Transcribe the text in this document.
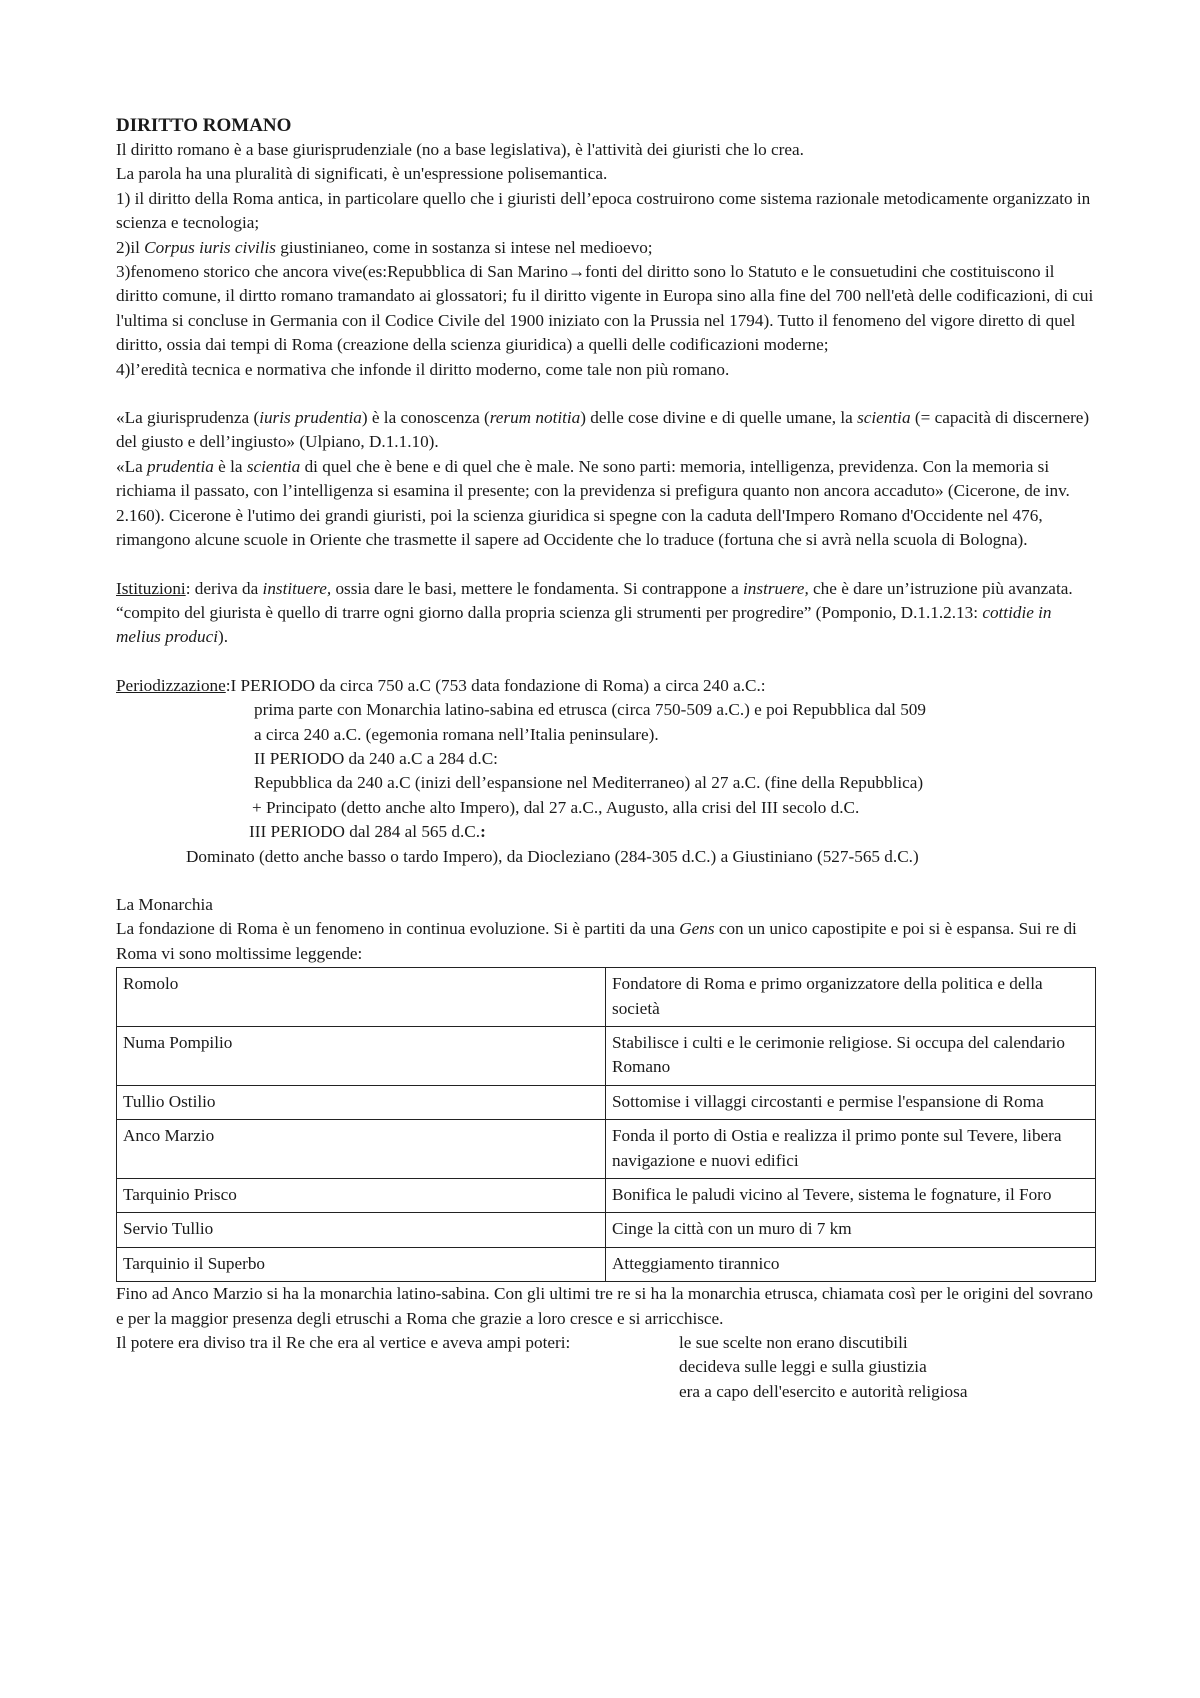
DIRITTO ROMANO

Il diritto romano è a base giurisprudenziale (no a base legislativa), è l'attività dei giuristi che lo crea.

La parola ha una pluralità di significati, è un'espressione polisemantica.

1) il diritto della Roma antica, in particolare quello che i giuristi dell’epoca costruirono come sistema razionale metodicamente organizzato in scienza e tecnologia;

2)il Corpus iuris civilis giustinianeo, come in sostanza si intese nel medioevo;

3)fenomeno storico che ancora vive(es:Repubblica di San Marino→fonti del diritto sono lo Statuto e le consuetudini che costituiscono il diritto comune, il dirtto romano tramandato ai glossatori; fu il diritto vigente in Europa sino alla fine del 700 nell'età delle codificazioni, di cui l'ultima si concluse in Germania con il Codice Civile del 1900 iniziato con la Prussia nel 1794). Tutto il fenomeno del vigore diretto di quel diritto, ossia dai tempi di Roma (creazione della scienza giuridica) a quelli delle codificazioni moderne;

4)l’eredità tecnica e normativa che infonde il diritto moderno, come tale non più romano.

«La giurisprudenza (iuris prudentia) è la conoscenza (rerum notitia) delle cose divine e di quelle umane, la scientia (= capacità di discernere) del giusto e dell’ingiusto» (Ulpiano, D.1.1.10).

«La prudentia è la scientia di quel che è bene e di quel che è male. Ne sono parti: memoria, intelligenza, previdenza. Con la memoria si richiama il passato, con l’intelligenza si esamina il presente; con la previdenza si prefigura quanto non ancora accaduto» (Cicerone, de inv. 2.160). Cicerone è l'utimo dei grandi giuristi, poi la scienza giuridica si spegne con la caduta dell'Impero Romano d'Occidente nel 476, rimangono alcune scuole in Oriente che trasmette il sapere ad Occidente che lo traduce (fortuna che si avrà nella scuola di Bologna).

Istituzioni: deriva da instituere, ossia dare le basi, mettere le fondamenta. Si contrappone a instruere, che è dare un’istruzione più avanzata.

“compito del giurista è quello di trarre ogni giorno dalla propria scienza gli strumenti per progredire” (Pomponio, D.1.1.2.13: cottidie in melius produci).

Periodizzazione:I PERIODO da circa 750 a.C (753 data fondazione di Roma) a circa 240 a.C.:

prima parte con Monarchia latino-sabina ed etrusca (circa 750-509 a.C.) e poi Repubblica dal 509

a circa 240 a.C. (egemonia romana nell’Italia peninsulare).

II PERIODO da 240 a.C a 284 d.C:

Repubblica da 240 a.C (inizi dell’espansione nel Mediterraneo) al 27 a.C. (fine della Repubblica)

+ Principato (detto anche alto Impero), dal 27 a.C., Augusto, alla crisi del III secolo d.C.

III PERIODO dal 284 al 565 d.C.:

Dominato (detto anche basso o tardo Impero), da Diocleziano (284-305 d.C.) a Giustiniano (527-565 d.C.)

La Monarchia

La fondazione di Roma è un fenomeno in continua evoluzione. Si è partiti da una Gens con un unico capostipite e poi si è espansa. Sui re di Roma vi sono moltissime leggende:

Romolo	Fondatore di Roma e primo organizzatore della politica e della società
Numa Pompilio	Stabilisce i culti e le cerimonie religiose. Si occupa del calendario Romano
Tullio Ostilio	Sottomise i villaggi circostanti e permise l'espansione di Roma
Anco Marzio	Fonda il porto di Ostia e realizza il primo ponte sul Tevere, libera navigazione e nuovi edifici
Tarquinio Prisco	Bonifica le paludi vicino al Tevere, sistema le fognature, il Foro
Servio Tullio	Cinge la città con un muro di 7 km
Tarquinio il Superbo	Atteggiamento tirannico

Fino ad Anco Marzio si ha la monarchia latino-sabina. Con gli ultimi tre re si ha la monarchia etrusca, chiamata così per le origini del sovrano e per la maggior presenza degli etruschi a Roma che grazie a loro cresce e si arricchisce.

Il potere era diviso tra il Re che era al vertice e aveva ampi poteri:	le sue scelte non erano discutibili

decideva sulle leggi e sulla giustizia

era a capo dell'esercito e autorità religiosa
